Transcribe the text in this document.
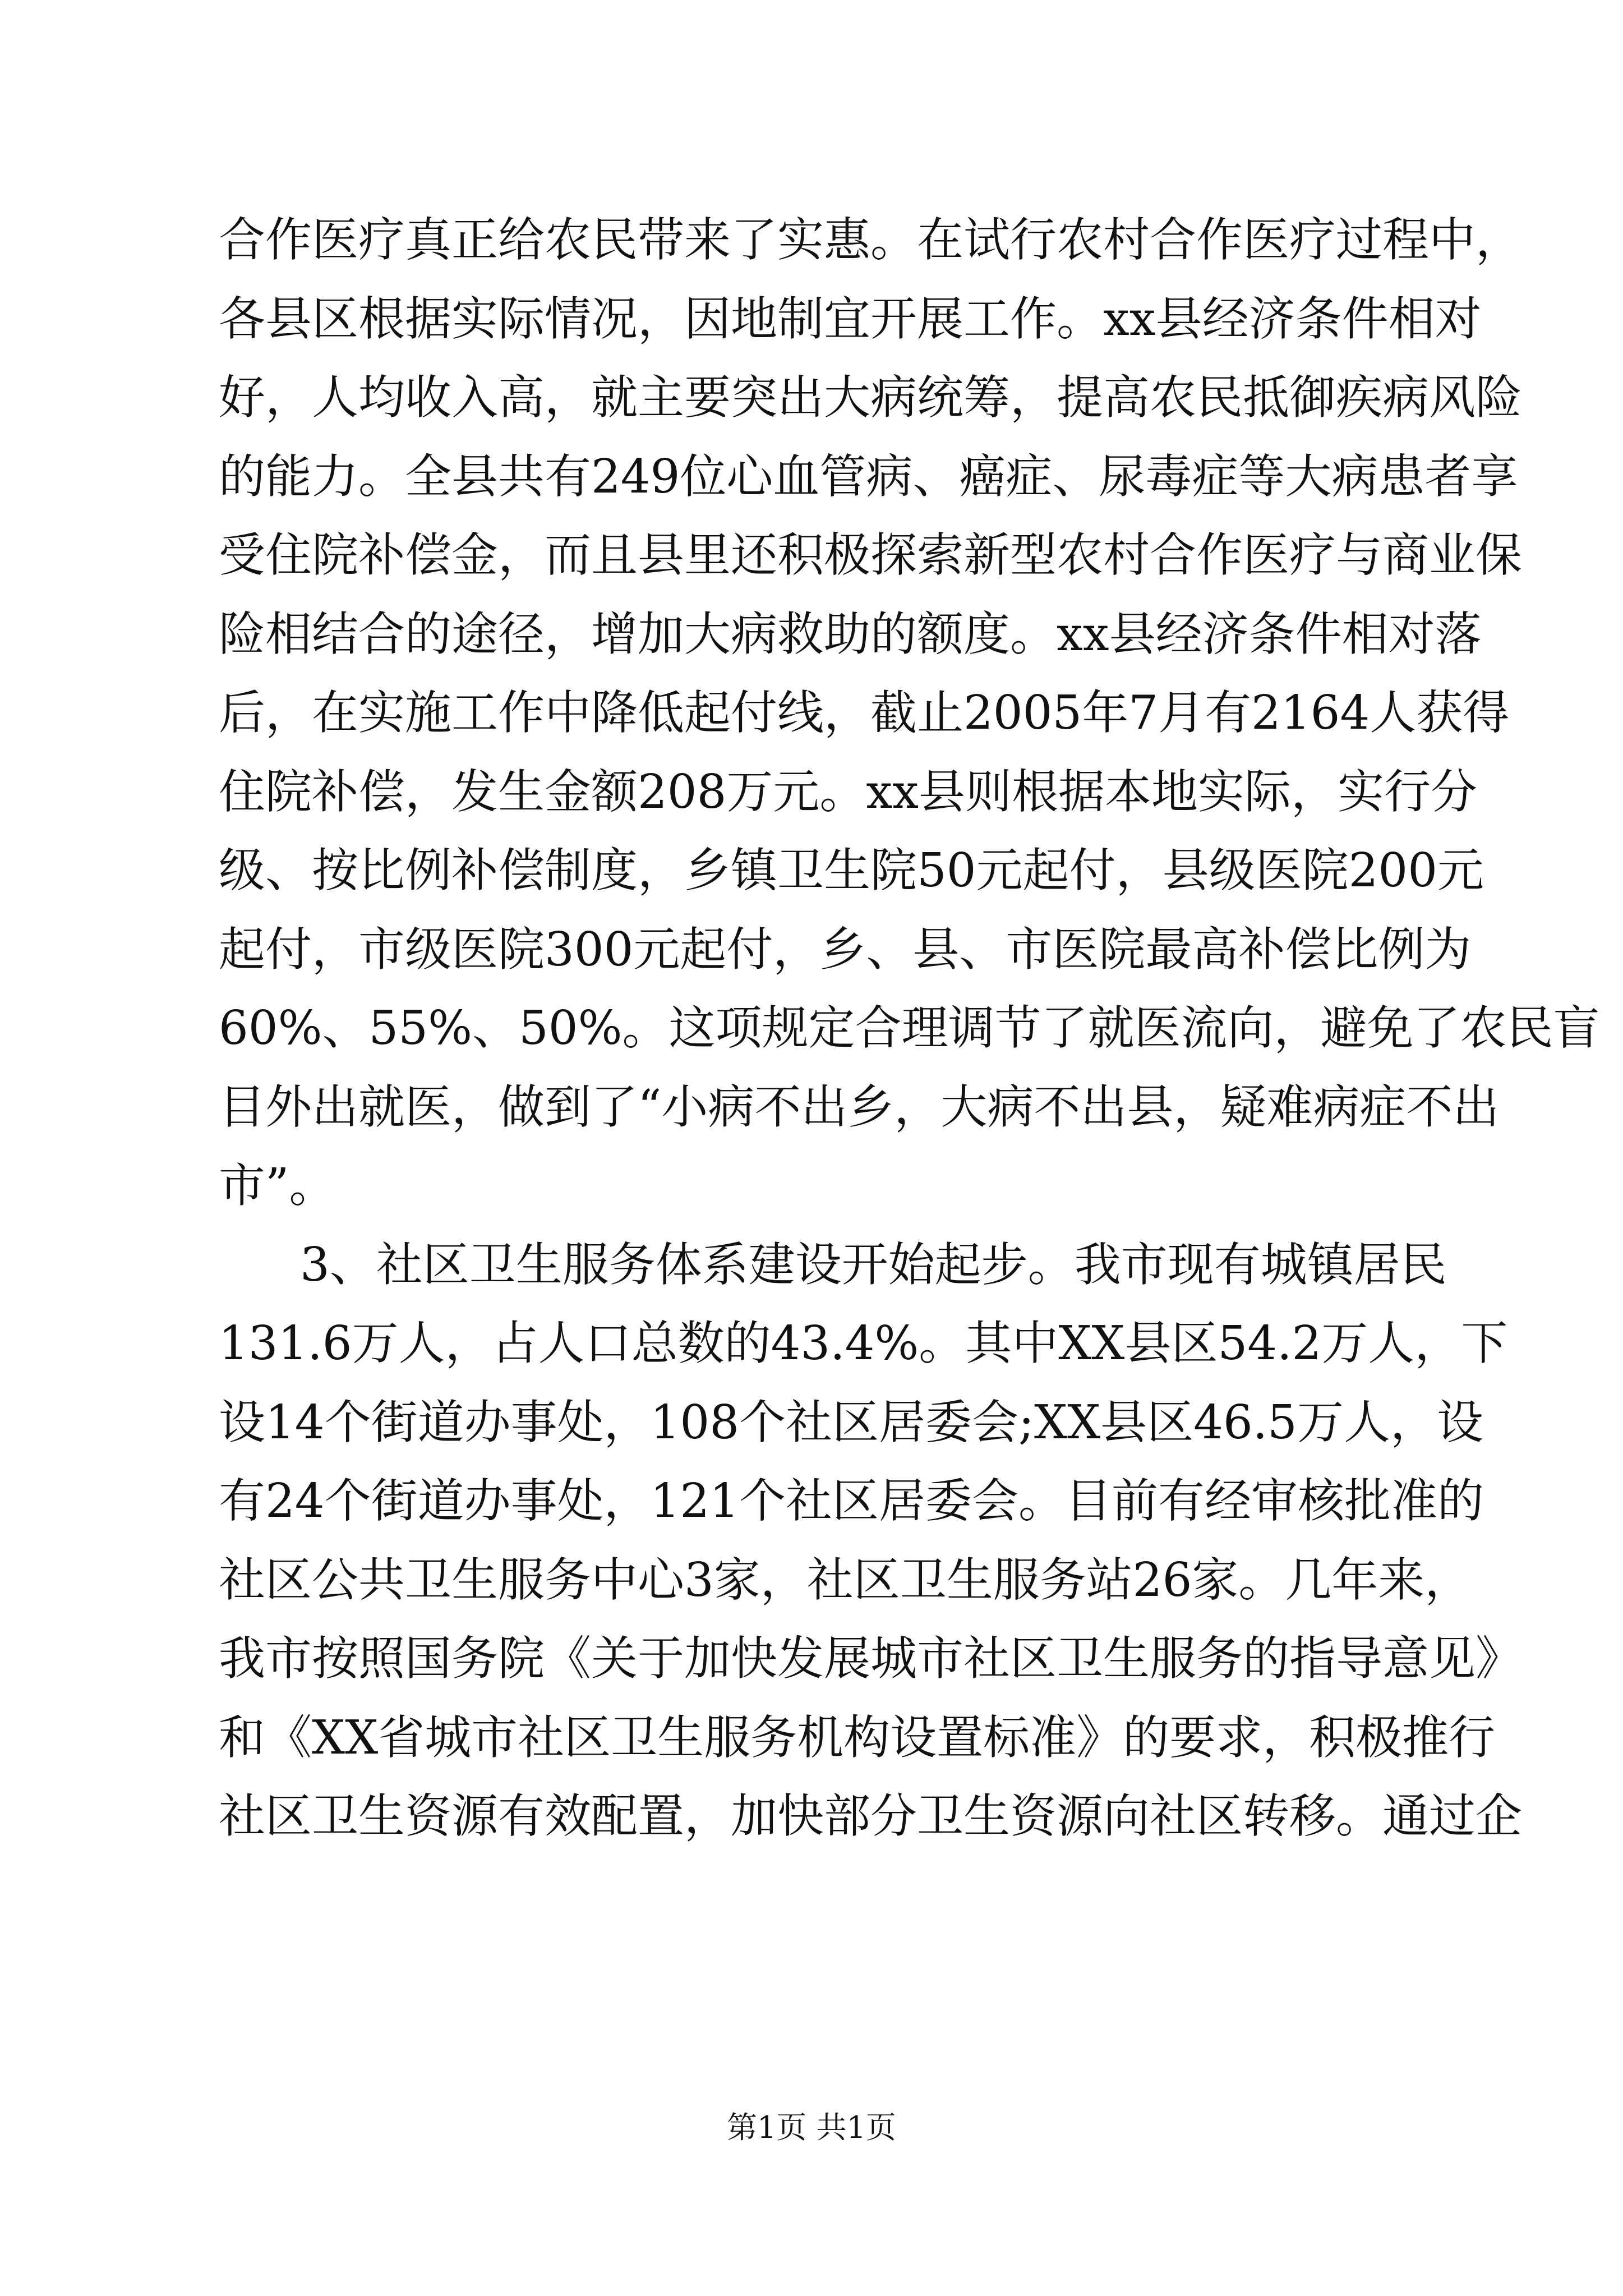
合作医疗真正给农民带来了实惠。在试行农村合作医疗过程中，
各县区根据实际情况，因地制宜开展工作。xx县经济条件相对
好，人均收入高，就主要突出大病统筹，提高农民抵御疾病风险
的能力。全县共有249位心血管病、癌症、尿毒症等大病患者享
受住院补偿金，而且县里还积极探索新型农村合作医疗与商业保
险相结合的途径，增加大病救助的额度。xx县经济条件相对落
后，在实施工作中降低起付线，截止2005年7月有2164人获得
住院补偿，发生金额208万元。xx县则根据本地实际，实行分
级、按比例补偿制度，乡镇卫生院50元起付，县级医院200元
起付，市级医院300元起付，乡、县、市医院最高补偿比例为
60%、55%、50%。这项规定合理调节了就医流向，避免了农民盲
目外出就医，做到了“小病不出乡，大病不出县，疑难病症不出
市”。
3、社区卫生服务体系建设开始起步。我市现有城镇居民
131.6万人，占人口总数的43.4%。其中XX县区54.2万人，下
设14个街道办事处，108个社区居委会;XX县区46.5万人，设
有24个街道办事处，121个社区居委会。目前有经审核批准的
社区公共卫生服务中心3家，社区卫生服务站26家。几年来，
我市按照国务院《关于加快发展城市社区卫生服务的指导意见》
和《XX省城市社区卫生服务机构设置标准》的要求，积极推行
社区卫生资源有效配置，加快部分卫生资源向社区转移。通过企
第1页 共1页
